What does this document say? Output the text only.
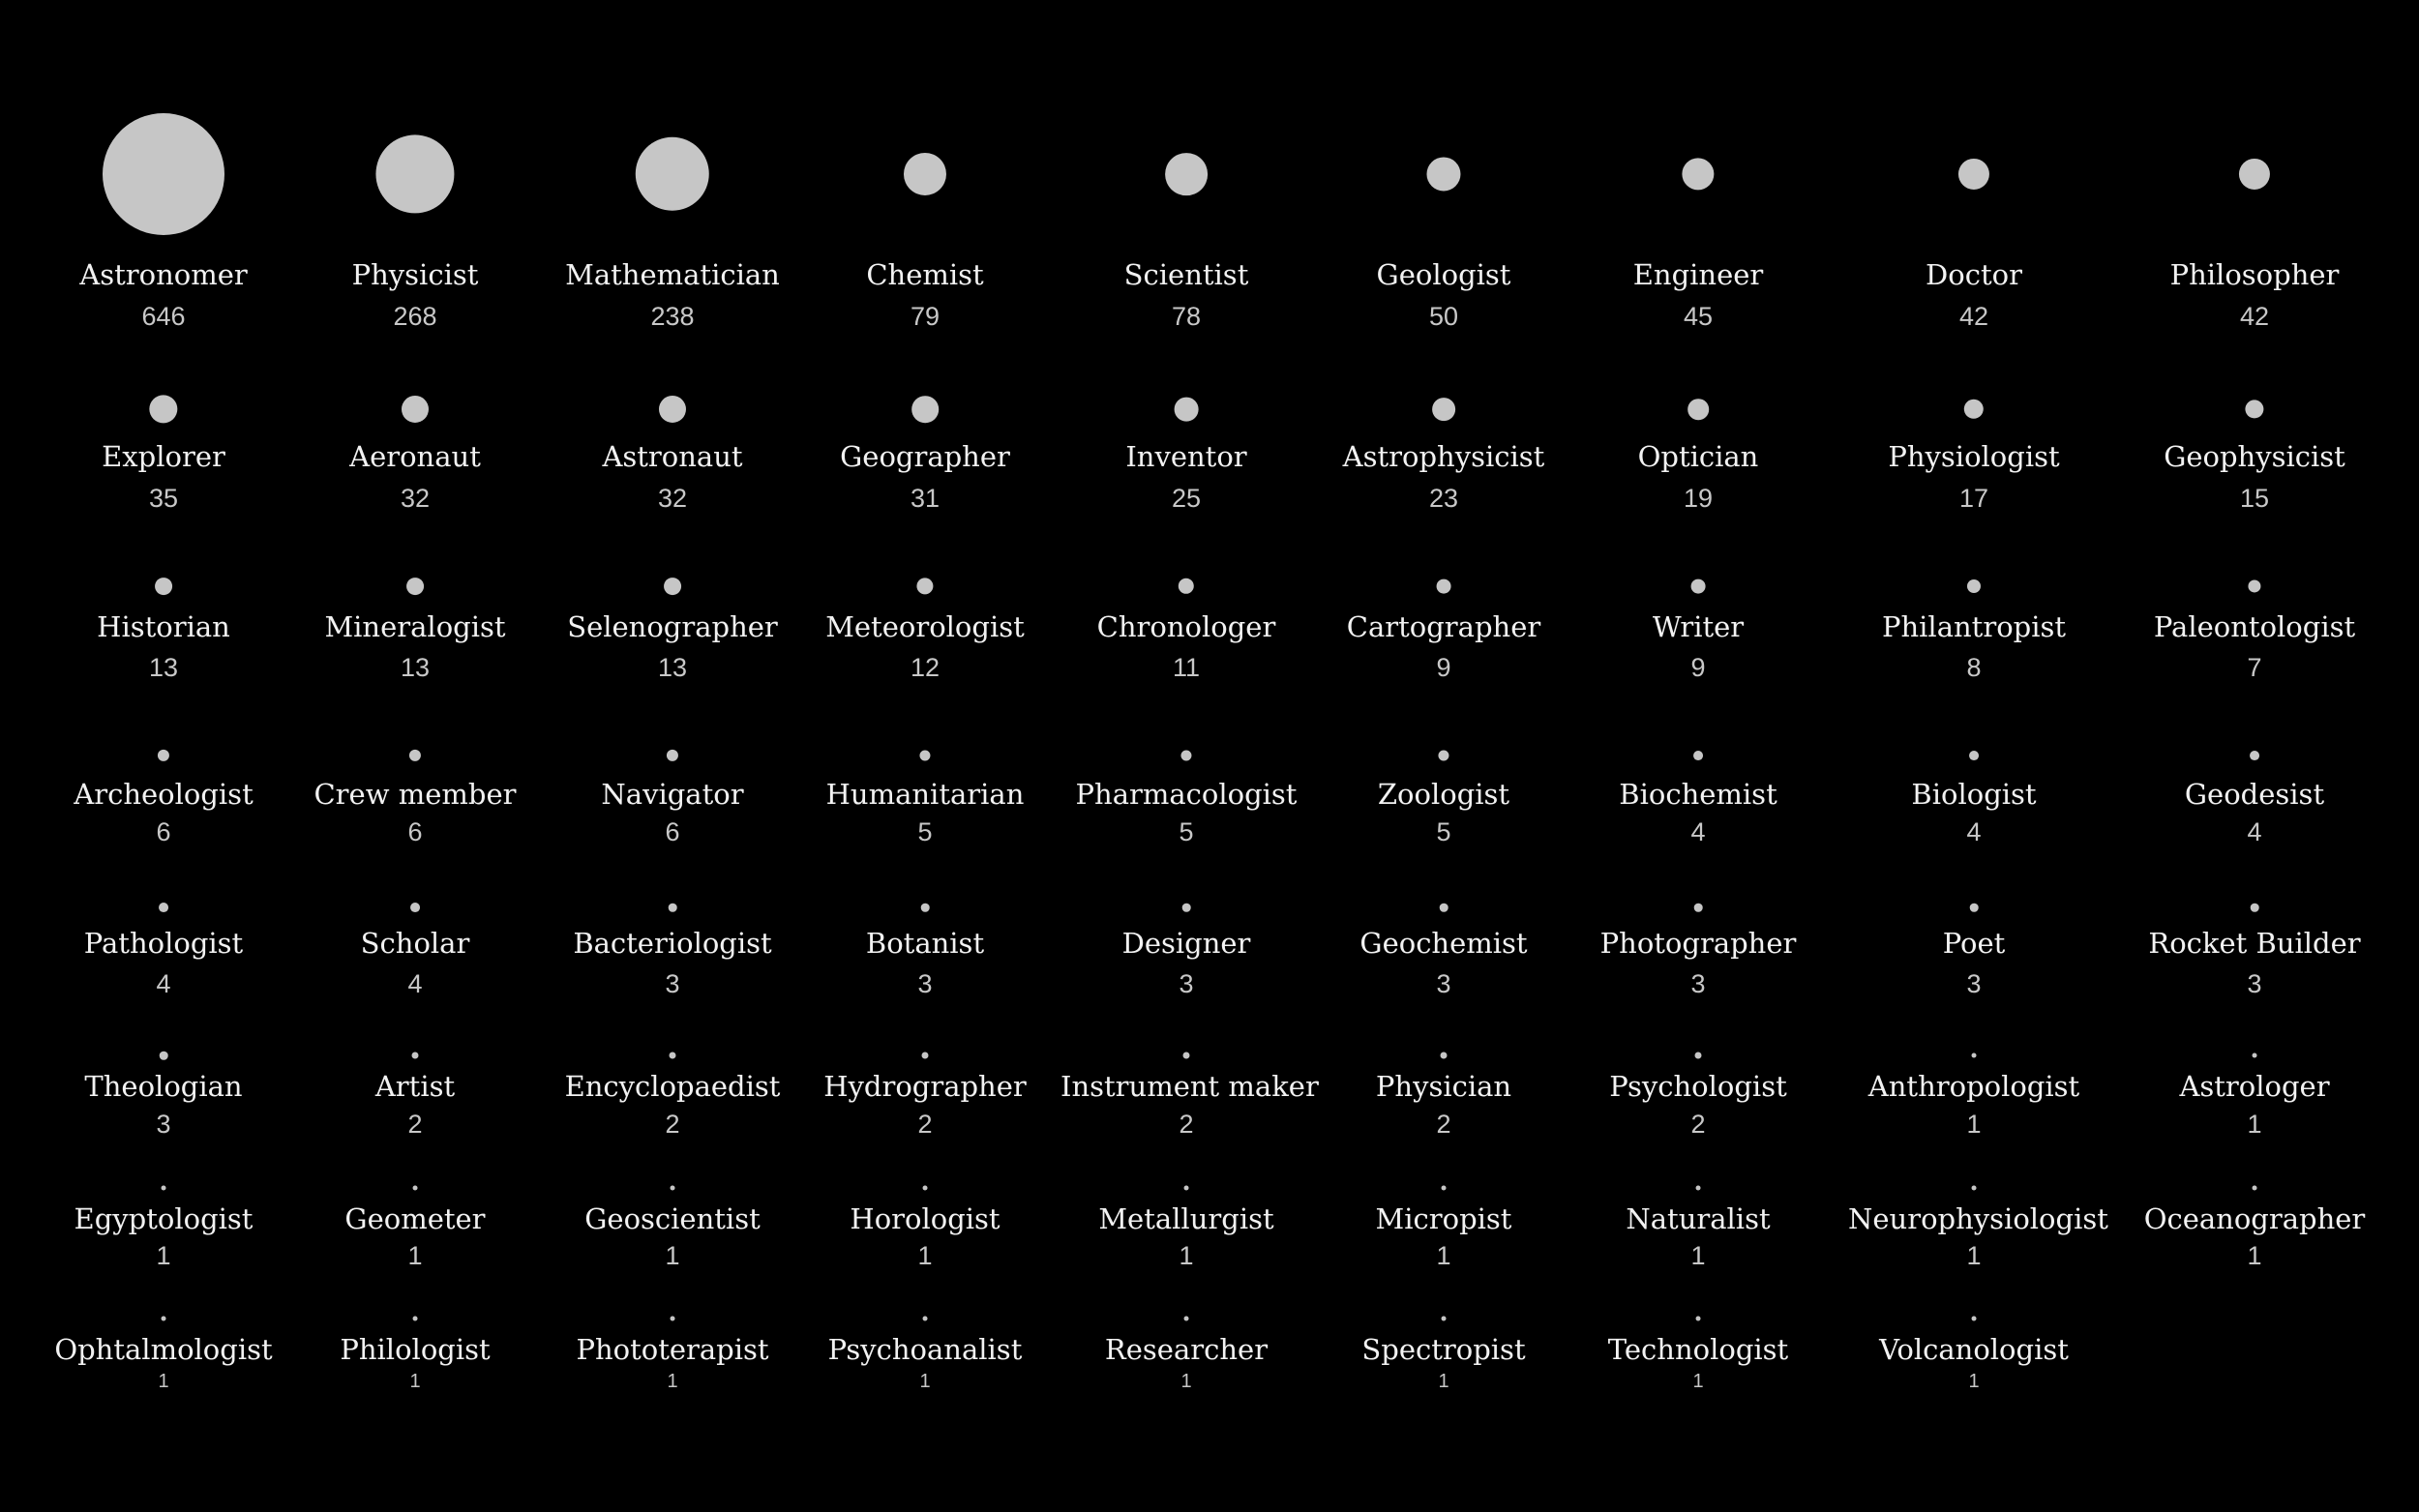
Astronomer
646
Physicist
268
Mathematician
238
Chemist
79
Scientist
78
Geologist
50
Engineer
45
Doctor
42
Philosopher
42
Explorer
35
Aeronaut
32
Astronaut
32
Geographer
31
Inventor
25
Astrophysicist
23
Optician
19
Physiologist
17
Geophysicist
15
Historian
13
Mineralogist
13
Selenographer
13
Meteorologist
12
Chronologer
11
Cartographer
9
Writer
9
Philantropist
8
Paleontologist
7
Archeologist
6
Crew member
6
Navigator
6
Humanitarian
5
Pharmacologist
5
Zoologist
5
Biochemist
4
Biologist
4
Geodesist
4
Pathologist
4
Scholar
4
Bacteriologist
3
Botanist
3
Designer
3
Geochemist
3
Photographer
3
Poet
3
Rocket Builder
3
Theologian
3
Artist
2
Encyclopaedist
2
Hydrographer
2
Instrument maker
2
Physician
2
Psychologist
2
Anthropologist
1
Astrologer
1
Egyptologist
1
Geometer
1
Geoscientist
1
Horologist
1
Metallurgist
1
Micropist
1
Naturalist
1
Neurophysiologist
1
Oceanographer
1
Ophtalmologist
1
Philologist
1
Phototerapist
1
Psychoanalist
1
Researcher
1
Spectropist
1
Technologist
1
Volcanologist
1
